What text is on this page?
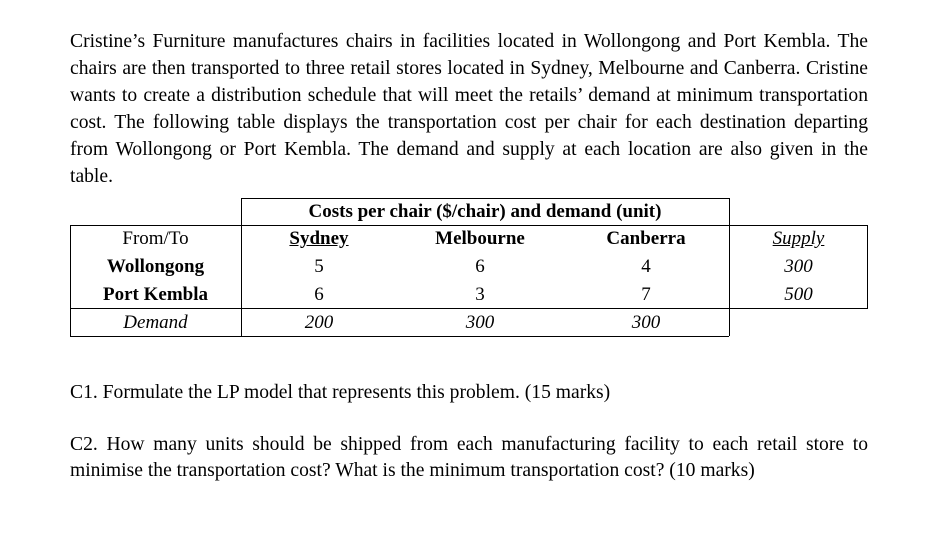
Cristine’s Furniture manufactures chairs in facilities located in Wollongong and Port Kembla. The chairs are then transported to three retail stores located in Sydney, Melbourne and Canberra. Cristine wants to create a distribution schedule that will meet the retails’ demand at minimum transportation cost. The following table displays the transportation cost per chair for each destination departing from Wollongong or Port Kembla. The demand and supply at each location are also given in the table.

Costs per chair ($/chair) and demand (unit)
From/To	Sydney	Melbourne	Canberra	Supply
Wollongong	5	6	4	300
Port Kembla	6	3	7	500
Demand	200	300	300

C1. Formulate the LP model that represents this problem. (15 marks)

C2. How many units should be shipped from each manufacturing facility to each retail store to minimise the transportation cost? What is the minimum transportation cost? (10 marks)
